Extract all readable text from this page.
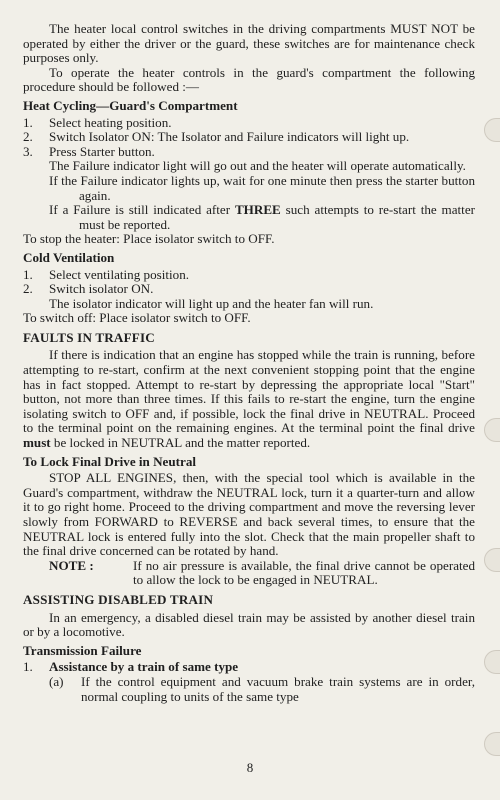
The heater local control switches in the driving compartments MUST NOT be operated by either the driver or the guard, these switches are for maintenance check purposes only.

To operate the heater controls in the guard's compartment the following procedure should be followed :—

Heat Cycling—Guard's Compartment

1. Select heating position.
2. Switch Isolator ON: The Isolator and Failure indicators will light up.
3. Press Starter button.

The Failure indicator light will go out and the heater will operate automatically.

If the Failure indicator lights up, wait for one minute then press the starter button again.

If a Failure is still indicated after THREE such attempts to re-start the matter must be reported.

To stop the heater: Place isolator switch to OFF.

Cold Ventilation

1. Select ventilating position.
2. Switch isolator ON.

The isolator indicator will light up and the heater fan will run.

To switch off: Place isolator switch to OFF.

FAULTS IN TRAFFIC

If there is indication that an engine has stopped while the train is running, before attempting to re-start, confirm at the next convenient stopping point that the engine has in fact stopped. Attempt to re-start by depressing the appropriate local "Start" button, not more than three times. If this fails to re-start the engine, turn the engine isolating switch to OFF and, if possible, lock the final drive in NEUTRAL. Proceed to the terminal point on the remaining engines. At the terminal point the final drive must be locked in NEUTRAL and the matter reported.

To Lock Final Drive in Neutral

STOP ALL ENGINES, then, with the special tool which is available in the Guard's compartment, withdraw the NEUTRAL lock, turn it a quarter-turn and allow it to go right home. Proceed to the driving compartment and move the reversing lever slowly from FORWARD to REVERSE and back several times, to ensure that the NEUTRAL lock is entered fully into the slot. Check that the main propeller shaft to the final drive concerned can be rotated by hand.

NOTE :	If no air pressure is available, the final drive cannot be operated to allow the lock to be engaged in NEUTRAL.

ASSISTING DISABLED TRAIN

In an emergency, a disabled diesel train may be assisted by another diesel train or by a locomotive.

Transmission Failure

1. Assistance by a train of same type
(a) If the control equipment and vacuum brake train systems are in order, normal coupling to units of the same type
8
